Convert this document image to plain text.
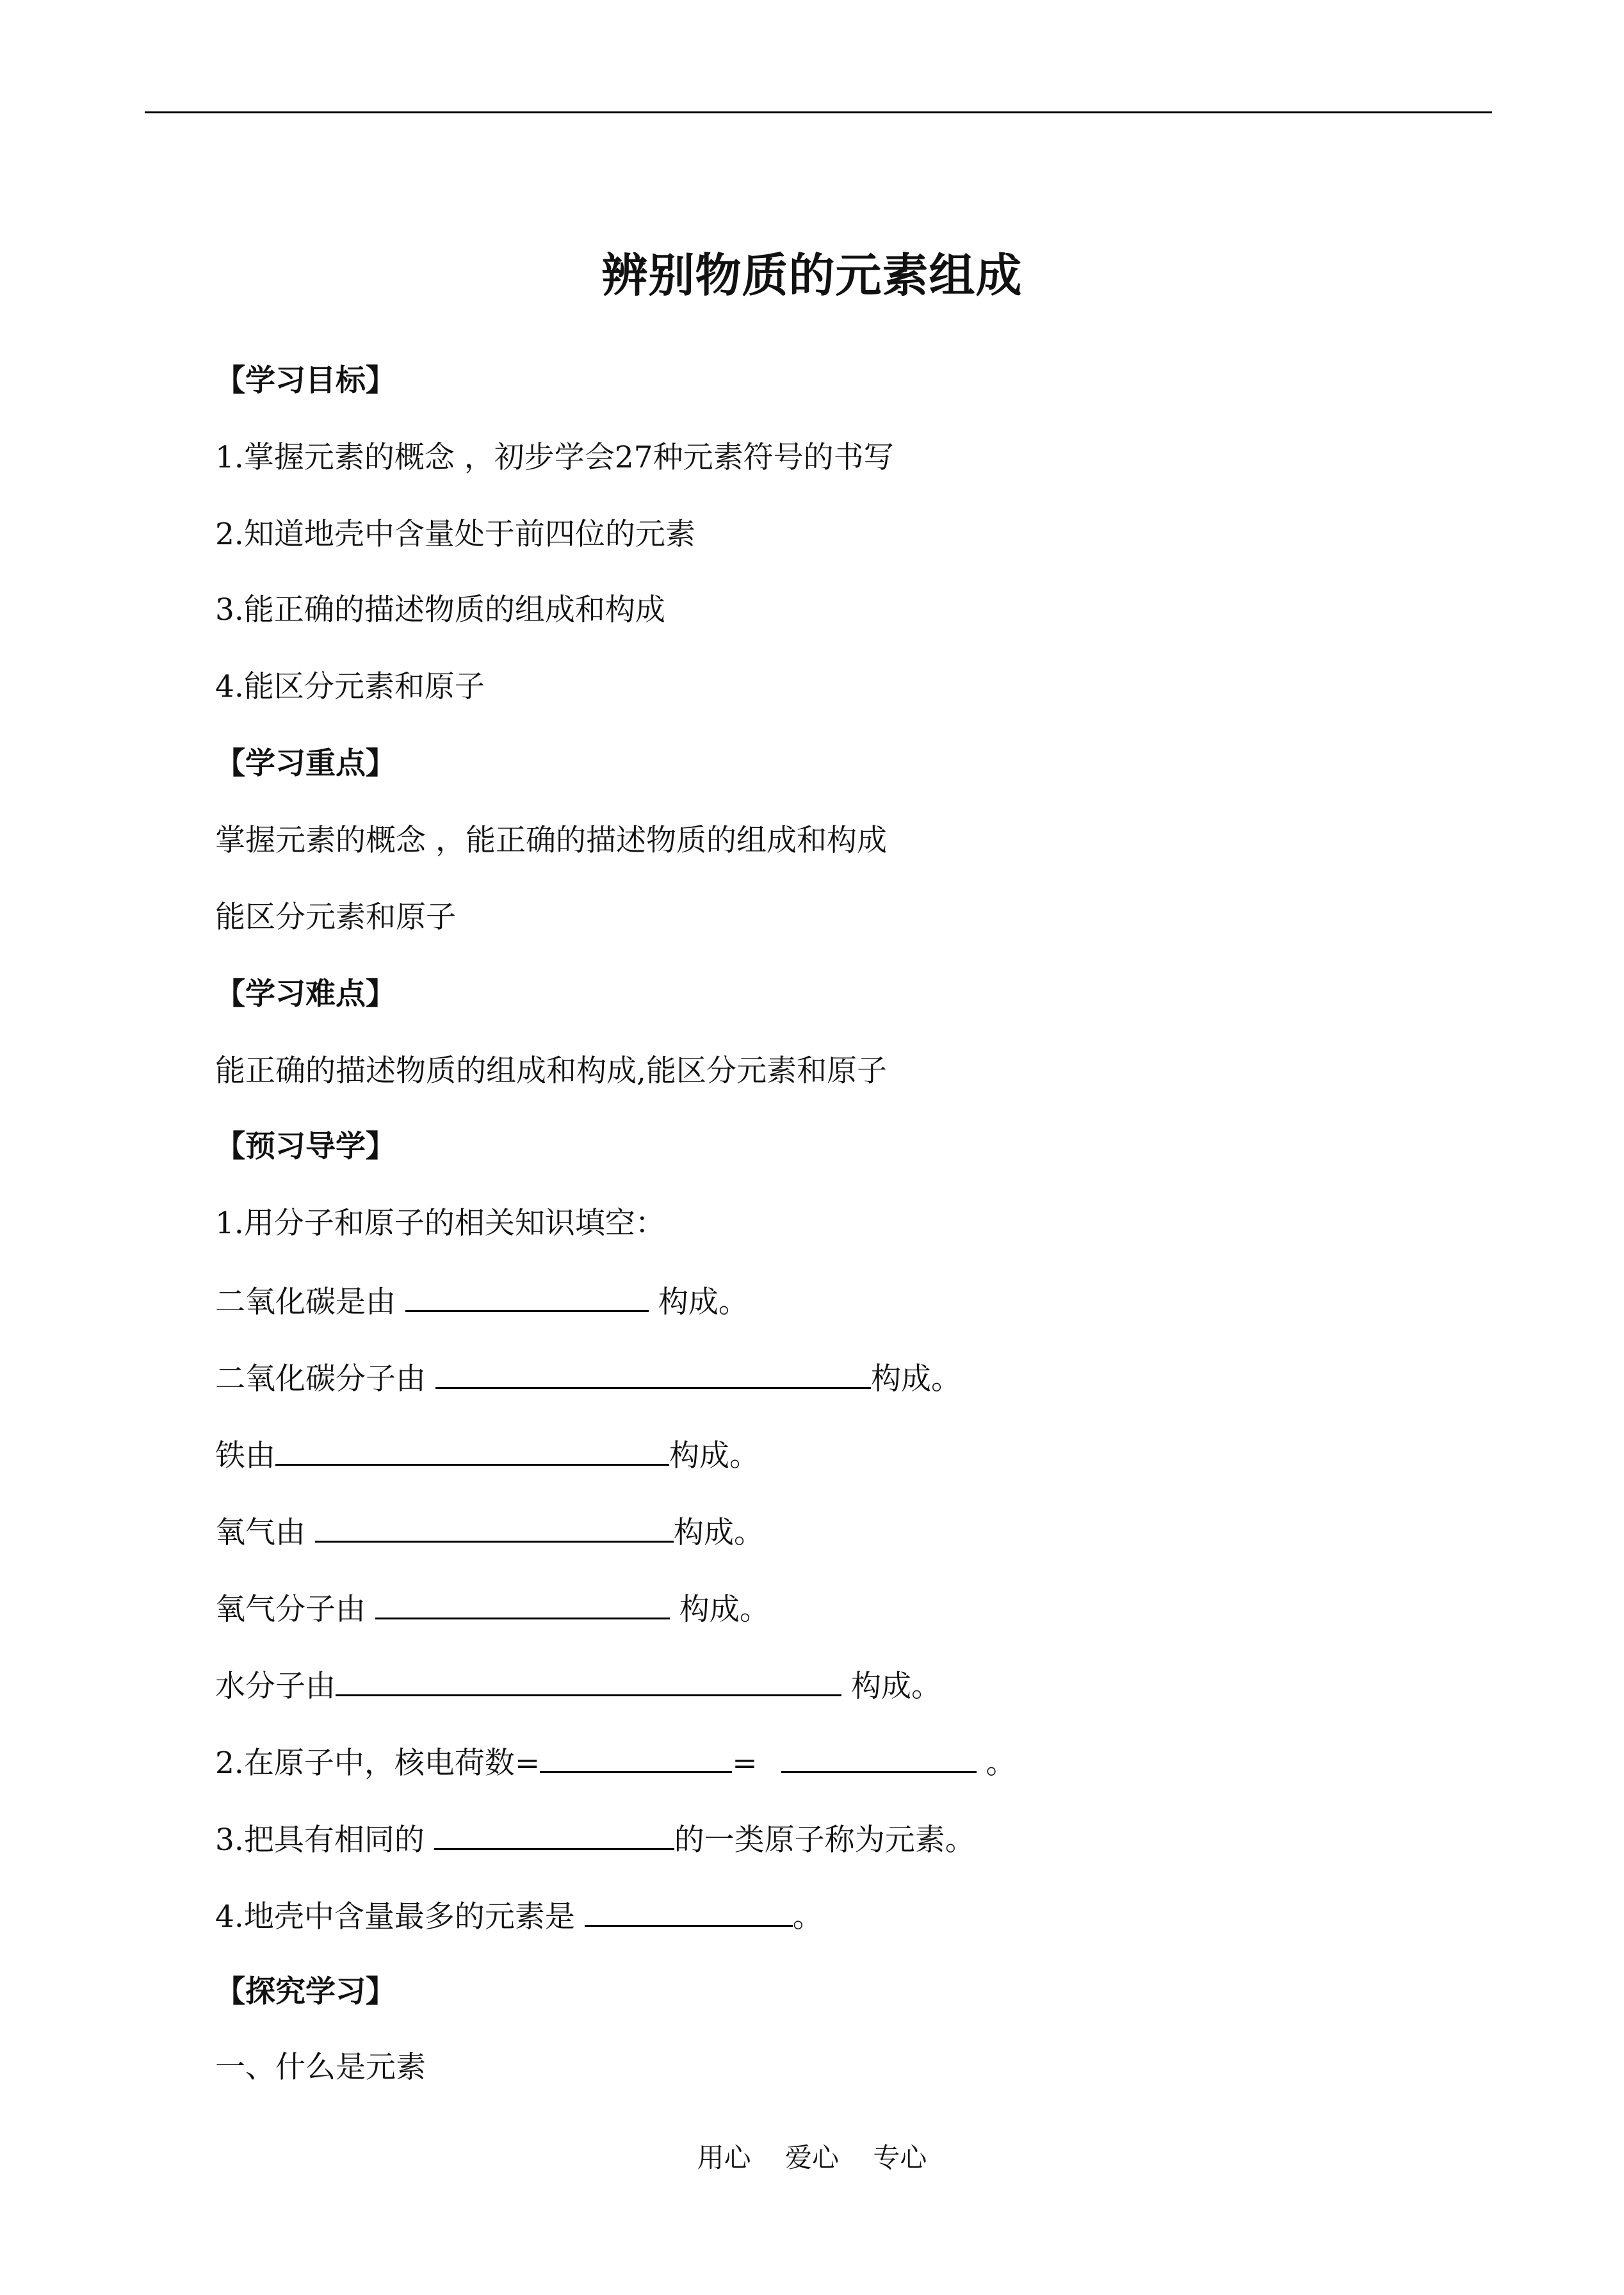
辨别物质的元素组成
【学习目标】
1.掌握元素的概念 ，初步学会27种元素符号的书写
2.知道地壳中含量处于前四位的元素
3.能正确的描述物质的组成和构成
4.能区分元素和原子
【学习重点】
掌握元素的概念 ，能正确的描述物质的组成和构成
能区分元素和原子
【学习难点】
能正确的描述物质的组成和构成,能区分元素和原子
【预习导学】
1.用分子和原子的相关知识填空：
二氧化碳是由	构成。
二氧化碳分子由	构成。
铁由	构成。
氧气由	构成。
氧气分子由	构成。
水分子由	构成。
2.在原子中，核电荷数=	=	。
3.把具有相同的	的一类原子称为元素。
4.地壳中含量最多的元素是	。
【探究学习】
一、什么是元素
用心    爱心    专心
